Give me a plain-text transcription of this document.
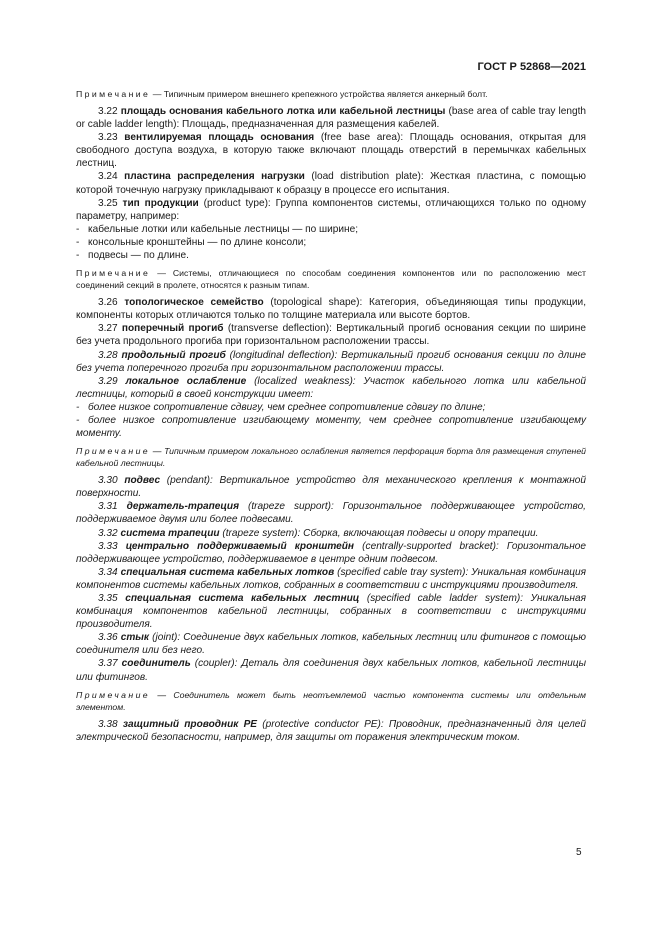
ГОСТ Р 52868—2021
Примечание — Типичным примером внешнего крепежного устройства является анкерный болт.

3.22 площадь основания кабельного лотка или кабельной лестницы (base area of cable tray length or cable ladder length): Площадь, предназначенная для размещения кабелей.

3.23 вентилируемая площадь основания (free base area): Площадь основания, открытая для свободного доступа воздуха, в которую также включают площадь отверстий в перемычках кабельных лестниц.

3.24 пластина распределения нагрузки (load distribution plate): Жесткая пластина, с помощью которой точечную нагрузку прикладывают к образцу в процессе его испытания.

3.25 тип продукции (product type): Группа компонентов системы, отличающихся только по одному параметру, например:

- кабельные лотки или кабельные лестницы — по ширине;

- консольные кронштейны — по длине консоли;

- подвесы — по длине.

Примечание — Системы, отличающиеся по способам соединения компонентов или по расположению мест соединений секций в пролете, относятся к разным типам.

3.26 топологическое семейство (topological shape): Категория, объединяющая типы продукции, компоненты которых отличаются только по толщине материала или высоте бортов.

3.27 поперечный прогиб (transverse deflection): Вертикальный прогиб основания секции по ширине без учета продольного прогиба при горизонтальном расположении трассы.

3.28 продольный прогиб (longitudinal deflection): Вертикальный прогиб основания секции по длине без учета поперечного прогиба при горизонтальном расположении трассы.

3.29 локальное ослабление (localized weakness): Участок кабельного лотка или кабельной лестницы, который в своей конструкции имеет:

- более низкое сопротивление сдвигу, чем среднее сопротивление сдвигу по длине;

- более низкое сопротивление изгибающему моменту, чем среднее сопротивление изгибающему моменту.

Примечание — Типичным примером локального ослабления является перфорация борта для размещения ступеней кабельной лестницы.

3.30 подвес (pendant): Вертикальное устройство для механического крепления к монтажной поверхности.

3.31 держатель-трапеция (trapeze support): Горизонтальное поддерживающее устройство, поддерживаемое двумя или более подвесами.

3.32 система трапеции (trapeze system): Сборка, включающая подвесы и опору трапеции.

3.33 центрально поддерживаемый кронштейн (centrally-supported bracket): Горизонтальное поддерживающее устройство, поддерживаемое в центре одним подвесом.

3.34 специальная система кабельных лотков (specified cable tray system): Уникальная комбинация компонентов системы кабельных лотков, собранных в соответствии с инструкциями производителя.

3.35 специальная система кабельных лестниц (specified cable ladder system): Уникальная комбинация компонентов кабельной лестницы, собранных в соответствии с инструкциями производителя.

3.36 стык (joint): Соединение двух кабельных лотков, кабельных лестниц или фитингов с помощью соединителя или без него.

3.37 соединитель (coupler): Деталь для соединения двух кабельных лотков, кабельной лестницы или фитингов.

Примечание — Соединитель может быть неотъемлемой частью компонента системы или отдельным элементом.

3.38 защитный проводник PE (protective conductor PE): Проводник, предназначенный для целей электрической безопасности, например, для защиты от поражения электрическим током.

5
